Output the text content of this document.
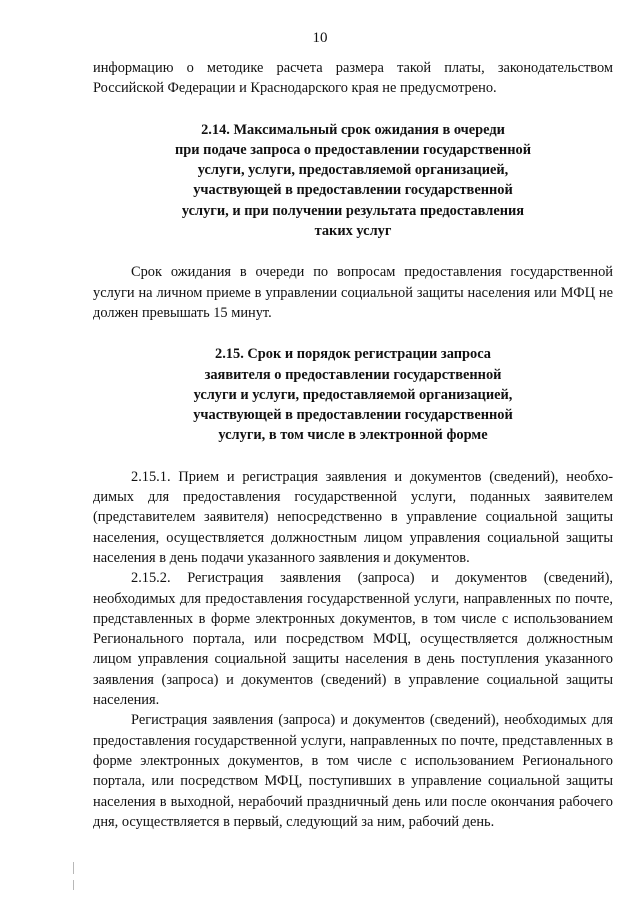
10

информацию о методике расчета размера такой платы, законодательством Российской Федерации и Краснодарского края не предусмотрено.

2.14. Максимальный срок ожидания в очереди
при подаче запроса о предоставлении государственной
услуги, услуги, предоставляемой организацией,
участвующей в предоставлении государственной
услуги, и при получении результата предоставления
таких услуг

Срок ожидания в очереди по вопросам предоставления государственной услуги на личном приеме в управлении социальной защиты населения или МФЦ не должен превышать 15 минут.

2.15. Срок и порядок регистрации запроса
заявителя о предоставлении государственной
услуги и услуги, предоставляемой организацией,
участвующей в предоставлении государственной
услуги, в том числе в электронной форме

2.15.1. Прием и регистрация заявления и документов (сведений), необходимых для предоставления государственной услуги, поданных заявителем (представителем заявителя) непосредственно в управление социальной защиты населения, осуществляется должностным лицом управления социальной защиты населения в день подачи указанного заявления и документов.

2.15.2. Регистрация заявления (запроса) и документов (сведений), необходимых для предоставления государственной услуги, направленных по почте, представленных в форме электронных документов, в том числе с использованием Регионального портала, или посредством МФЦ, осуществляется должностным лицом управления социальной защиты населения в день поступления указанного заявления (запроса) и документов (сведений) в управление социальной защиты населения.

Регистрация заявления (запроса) и документов (сведений), необходимых для предоставления государственной услуги, направленных по почте, представленных в форме электронных документов, в том числе с использованием Регионального портала, или посредством МФЦ, поступивших в управление социальной защиты населения в выходной, нерабочий праздничный день или после окончания рабочего дня, осуществляется в первый, следующий за ним, рабочий день.
